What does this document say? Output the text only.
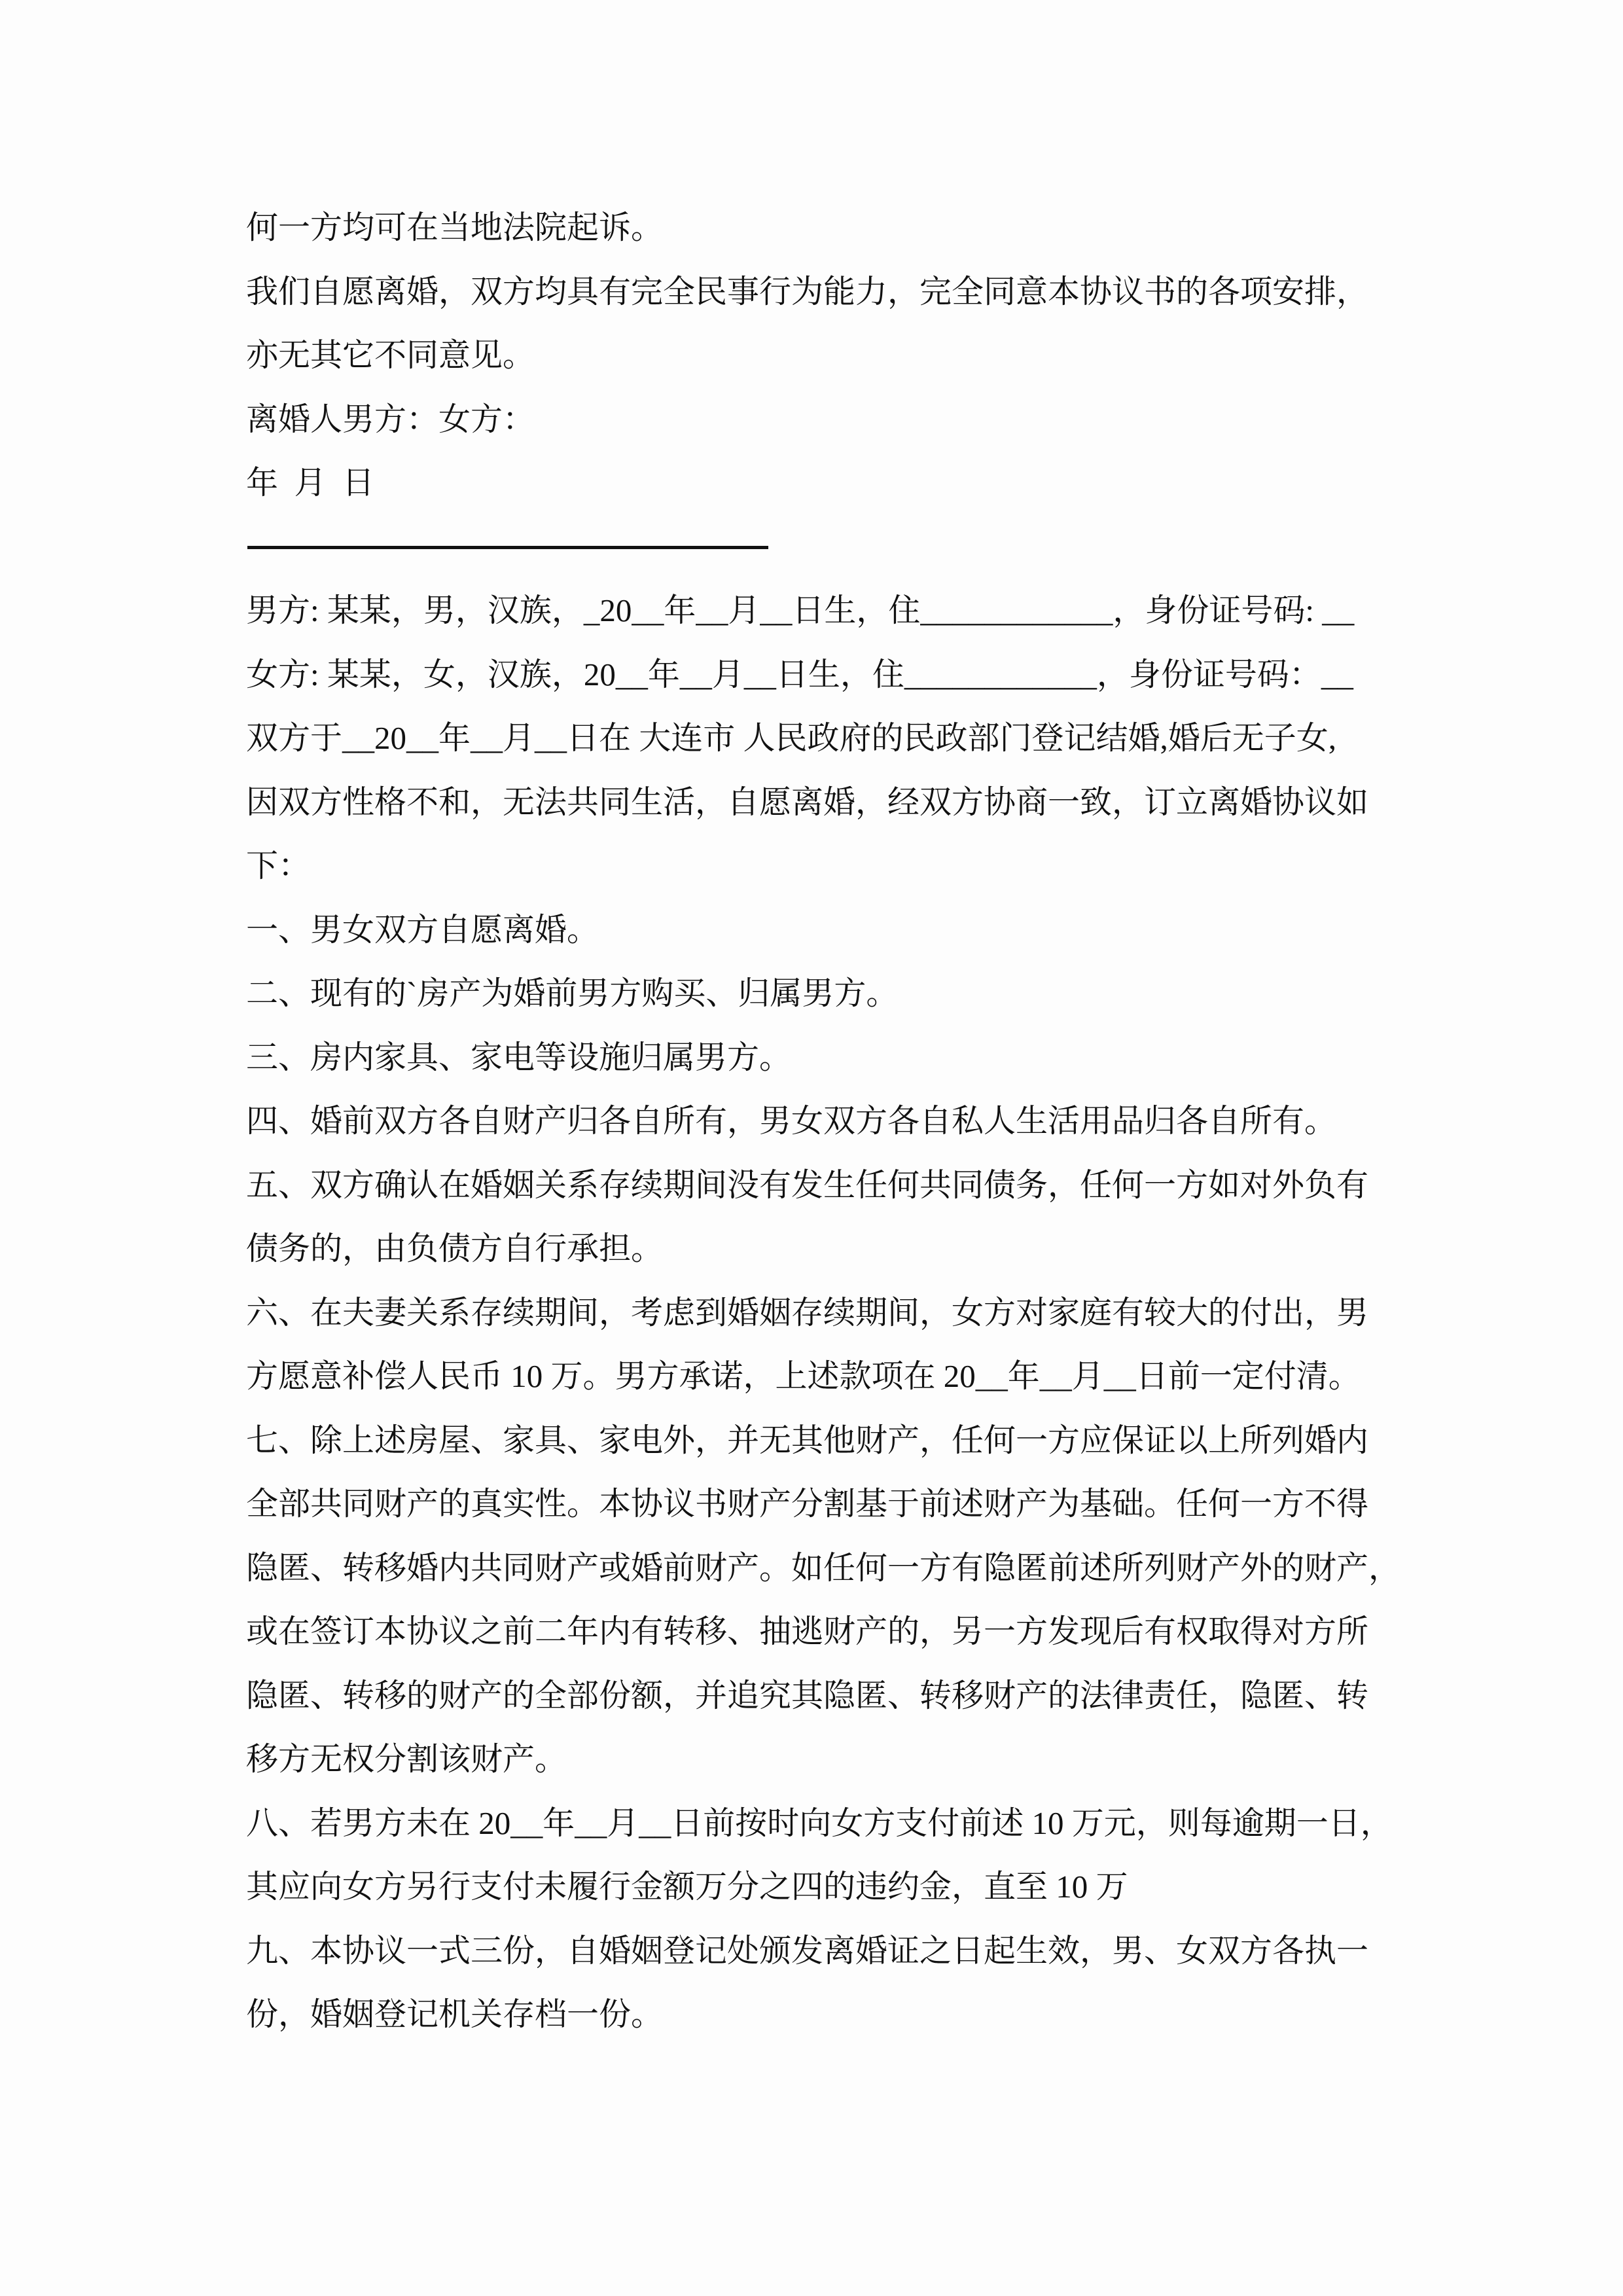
何一方均可在当地法院起诉。
我们自愿离婚，双方均具有完全民事行为能力，完全同意本协议书的各项安排，
亦无其它不同意见。
离婚人男方：女方：
年  月  日
男方: 某某，男，汉族，_20__年__月__日生，住____________，身份证号码: __
女方: 某某，女，汉族，20__年__月__日生，住____________，身份证号码：__
双方于__20__年__月__日在 大连市 人民政府的民政部门登记结婚,婚后无子女,
因双方性格不和，无法共同生活，自愿离婚，经双方协商一致，订立离婚协议如
下：
一、男女双方自愿离婚。
二、现有的`房产为婚前男方购买、归属男方。
三、房内家具、家电等设施归属男方。
四、婚前双方各自财产归各自所有，男女双方各自私人生活用品归各自所有。
五、双方确认在婚姻关系存续期间没有发生任何共同债务，任何一方如对外负有
债务的，由负债方自行承担。
六、在夫妻关系存续期间，考虑到婚姻存续期间，女方对家庭有较大的付出，男
方愿意补偿人民币 10 万。男方承诺，上述款项在 20__年__月__日前一定付清。
七、除上述房屋、家具、家电外，并无其他财产，任何一方应保证以上所列婚内
全部共同财产的真实性。本协议书财产分割基于前述财产为基础。任何一方不得
隐匿、转移婚内共同财产或婚前财产。如任何一方有隐匿前述所列财产外的财产，
或在签订本协议之前二年内有转移、抽逃财产的，另一方发现后有权取得对方所
隐匿、转移的财产的全部份额，并追究其隐匿、转移财产的法律责任，隐匿、转
移方无权分割该财产。
八、若男方未在 20__年__月__日前按时向女方支付前述 10 万元，则每逾期一日，
其应向女方另行支付未履行金额万分之四的违约金，直至 10 万
九、本协议一式三份，自婚姻登记处颁发离婚证之日起生效，男、女双方各执一
份，婚姻登记机关存档一份。
